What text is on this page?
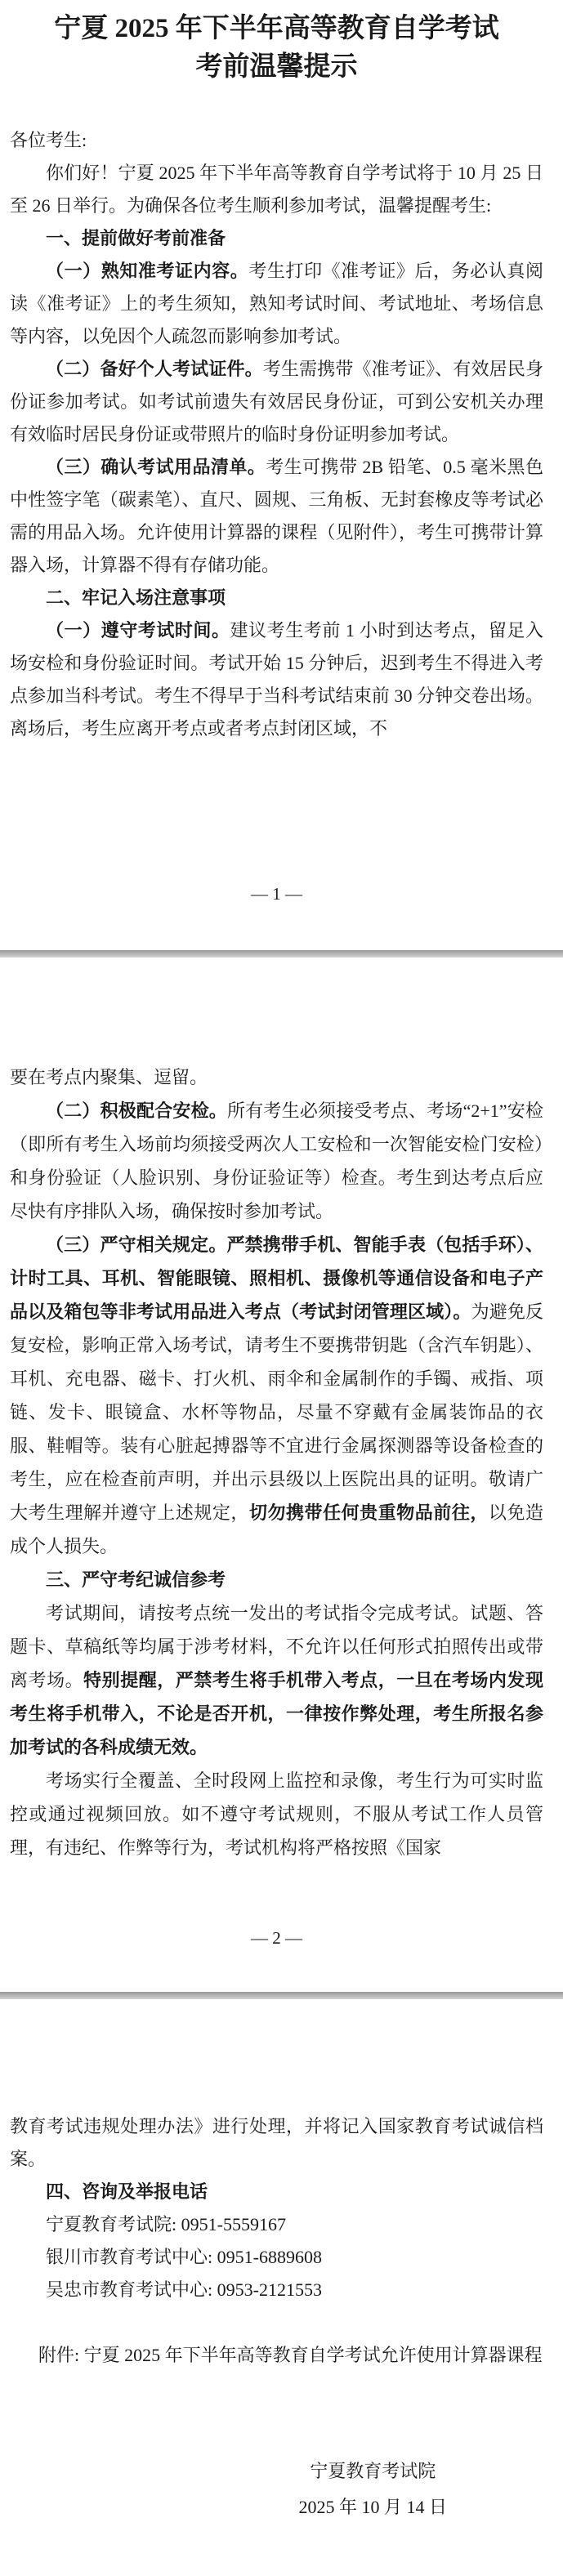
宁夏 2025 年下半年高等教育自学考试
考前温馨提示

各位考生:

你们好！宁夏 2025 年下半年高等教育自学考试将于 10 月 25 日至 26 日举行。为确保各位考生顺利参加考试，温馨提醒考生:

一、提前做好考前准备

（一）熟知准考证内容。考生打印《准考证》后，务必认真阅读《准考证》上的考生须知，熟知考试时间、考试地址、考场信息等内容，以免因个人疏忽而影响参加考试。

（二）备好个人考试证件。考生需携带《准考证》、有效居民身份证参加考试。如考试前遗失有效居民身份证，可到公安机关办理有效临时居民身份证或带照片的临时身份证明参加考试。

（三）确认考试用品清单。考生可携带 2B 铅笔、0.5 毫米黑色中性签字笔（碳素笔）、直尺、圆规、三角板、无封套橡皮等考试必需的用品入场。允许使用计算器的课程（见附件），考生可携带计算器入场，计算器不得有存储功能。

二、牢记入场注意事项

（一）遵守考试时间。建议考生考前 1 小时到达考点，留足入场安检和身份验证时间。考试开始 15 分钟后，迟到考生不得进入考点参加当科考试。考生不得早于当科考试结束前 30 分钟交卷出场。离场后，考生应离开考点或者考点封闭区域，不

— 1 —

要在考点内聚集、逗留。

（二）积极配合安检。所有考生必须接受考点、考场“2+1”安检（即所有考生入场前均须接受两次人工安检和一次智能安检门安检）和身份验证（人脸识别、身份证验证等）检查。考生到达考点后应尽快有序排队入场，确保按时参加考试。

（三）严守相关规定。严禁携带手机、智能手表（包括手环）、计时工具、耳机、智能眼镜、照相机、摄像机等通信设备和电子产品以及箱包等非考试用品进入考点（考试封闭管理区域）。为避免反复安检，影响正常入场考试，请考生不要携带钥匙（含汽车钥匙）、耳机、充电器、磁卡、打火机、雨伞和金属制作的手镯、戒指、项链、发卡、眼镜盒、水杯等物品，尽量不穿戴有金属装饰品的衣服、鞋帽等。装有心脏起搏器等不宜进行金属探测器等设备检查的考生，应在检查前声明，并出示县级以上医院出具的证明。敬请广大考生理解并遵守上述规定，切勿携带任何贵重物品前往，以免造成个人损失。

三、严守考纪诚信参考

考试期间，请按考点统一发出的考试指令完成考试。试题、答题卡、草稿纸等均属于涉考材料，不允许以任何形式拍照传出或带离考场。特别提醒，严禁考生将手机带入考点，一旦在考场内发现考生将手机带入，不论是否开机，一律按作弊处理，考生所报名参加考试的各科成绩无效。

考场实行全覆盖、全时段网上监控和录像，考生行为可实时监控或通过视频回放。如不遵守考试规则，不服从考试工作人员管理，有违纪、作弊等行为，考试机构将严格按照《国家

— 2 —

教育考试违规处理办法》进行处理，并将记入国家教育考试诚信档案。

四、咨询及举报电话

宁夏教育考试院: 0951-5559167

银川市教育考试中心: 0951-6889608

吴忠市教育考试中心: 0953-2121553

附件: 宁夏 2025 年下半年高等教育自学考试允许使用计算器课程

宁夏教育考试院
2025 年 10 月 14 日
